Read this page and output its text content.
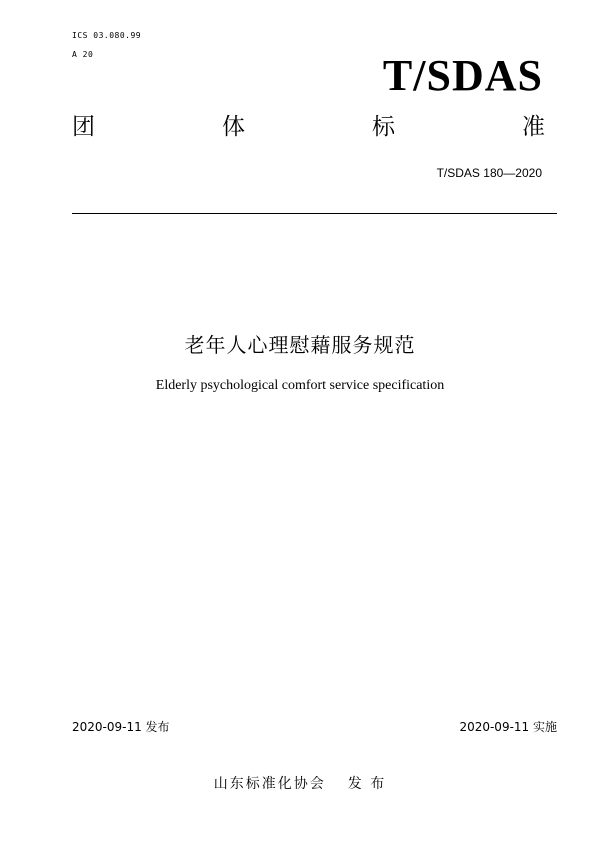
ICS 03.080.99
A 20	T/SDAS
团	体	标	准
T/SDAS 180—2020
老年人心理慰藉服务规范
Elderly psychological comfort service specification
2020-09-11 发布	2020-09-11 实施
山东标准化协会 发 布
